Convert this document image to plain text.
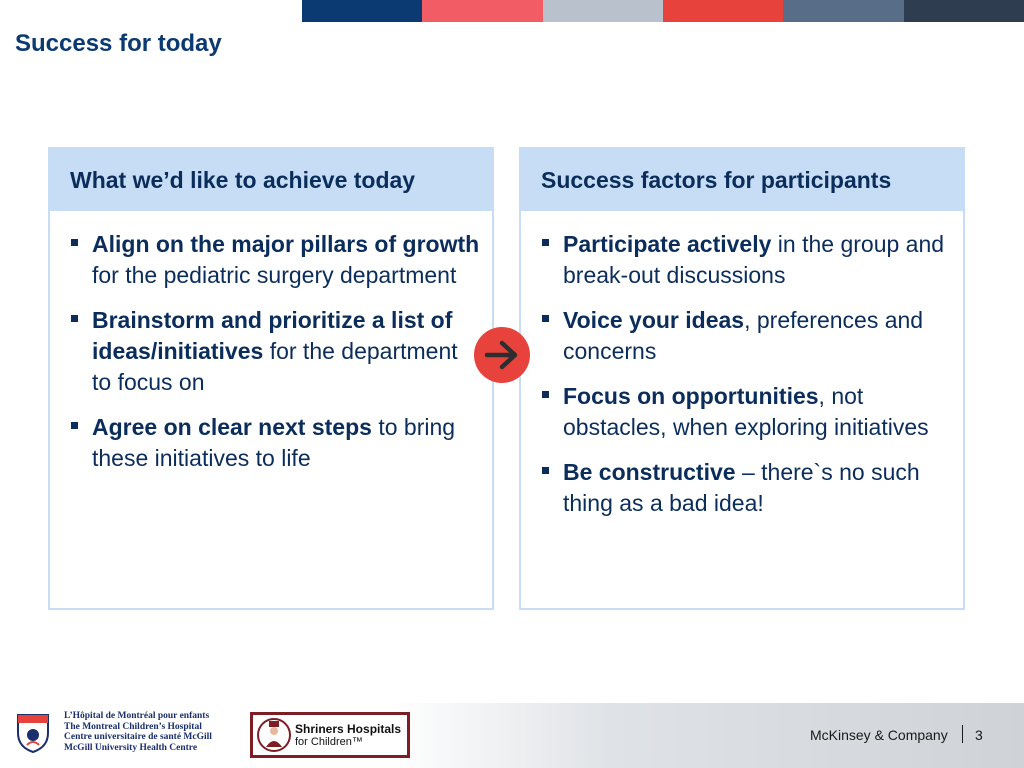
Success for today
What we’d like to achieve today
Align on the major pillars of growth for the pediatric surgery department
Brainstorm and prioritize a list of ideas/initiatives for the department to focus on
Agree on clear next steps to bring these initiatives to life
Success factors for participants
Participate actively in the group and break-out discussions
Voice your ideas, preferences and concerns
Focus on opportunities, not obstacles, when exploring initiatives
Be constructive – there`s no such thing as a bad idea!
L’Hôpital de Montréal pour enfants
The Montreal Children’s Hospital
Centre universitaire de santé McGill
McGill University Health Centre
Shriners Hospitals
for Children™	McKinsey & Company 3
